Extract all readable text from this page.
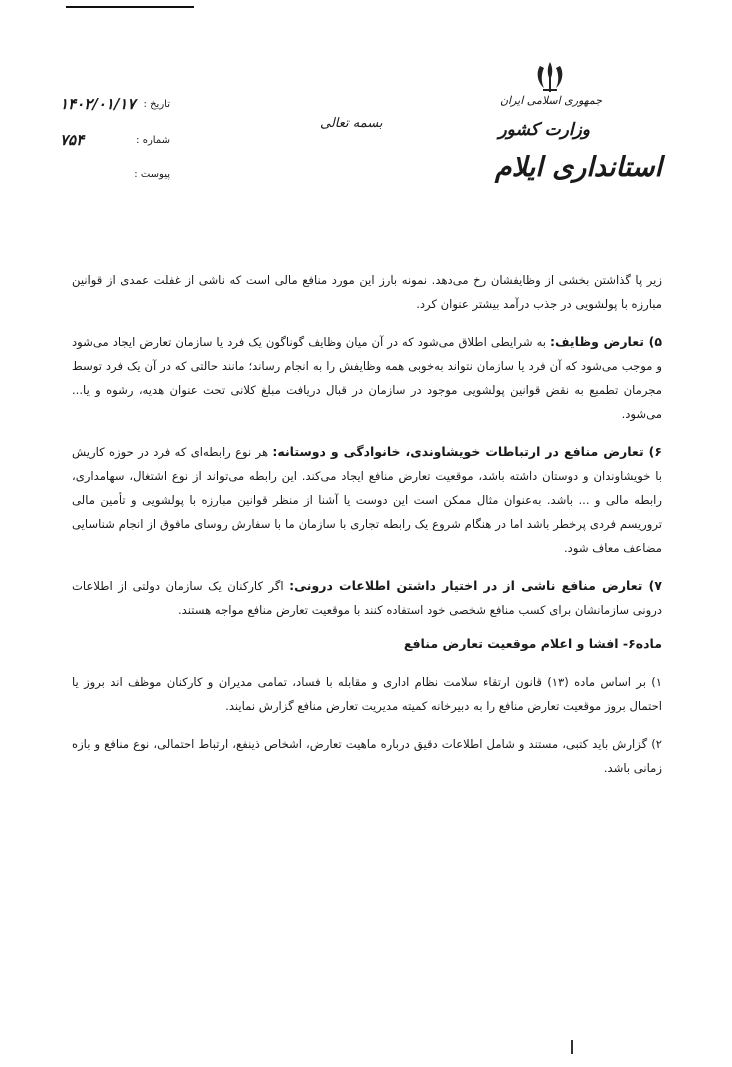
جمهوری اسلامی ایران
وزارت کشور
استانداری ایلام
بسمه تعالی
تاریخ :
۱۴۰۲/۰۱/۱۷
شماره :
۷۵۴
پیوست :

زیر پا گذاشتن بخشی از وظایفشان رخ می‌دهد. نمونه بارز این مورد منافع مالی است که ناشی از غفلت عمدی از قوانین مبارزه با پولشویی در جذب درآمد بیشتر عنوان کرد.

۵) تعارض وظایف: به شرایطی اطلاق می‌شود که در آن میان وظایف گوناگون یک فرد یا سازمان تعارض ایجاد می‌شود و موجب می‌شود که آن فرد یا سازمان نتواند به‌خوبی همه وظایفش را به انجام رساند؛ مانند حالتی که در آن یک فرد توسط مجرمان تطمیع به نقض قوانین پولشویی موجود در سازمان در قبال دریافت مبلغ کلانی تحت عنوان هدیه، رشوه و یا... می‌شود.

۶) تعارض منافع در ارتباطات خویشاوندی، خانوادگی و دوستانه: هر نوع رابطه‌ای که فرد در حوزه کاریش با خویشاوندان و دوستان داشته باشد، موقعیت تعارض منافع ایجاد می‌کند. این رابطه می‌تواند از نوع اشتغال، سهامداری، رابطه مالی و ... باشد. به‌عنوان مثال ممکن است این دوست یا آشنا از منظر قوانین مبارزه با پولشویی و تأمین مالی تروریسم فردی پرخطر باشد اما در هنگام شروع یک رابطه تجاری با سازمان ما با سفارش روسای مافوق از انجام شناسایی مضاعف معاف شود.

۷) تعارض منافع ناشی از در اختیار داشتن اطلاعات درونی: اگر کارکنان یک سازمان دولتی از اطلاعات درونی سازمانشان برای کسب منافع شخصی خود استفاده کنند با موقعیت تعارض منافع مواجه هستند.

ماده۶- افشا و اعلام موقعیت تعارض منافع

۱) بر اساس ماده (۱۳) قانون ارتقاء سلامت نظام اداری و مقابله با فساد، تمامی مدیران و کارکنان موظف اند بروز یا احتمال بروز موقعیت تعارض منافع را به دبیرخانه کمیته مدیریت تعارض منافع گزارش نمایند.

۲) گزارش باید کتبی، مستند و شامل اطلاعات دقیق درباره ماهیت تعارض، اشخاص ذینفع، ارتباط احتمالی، نوع منافع و بازه زمانی باشد.
